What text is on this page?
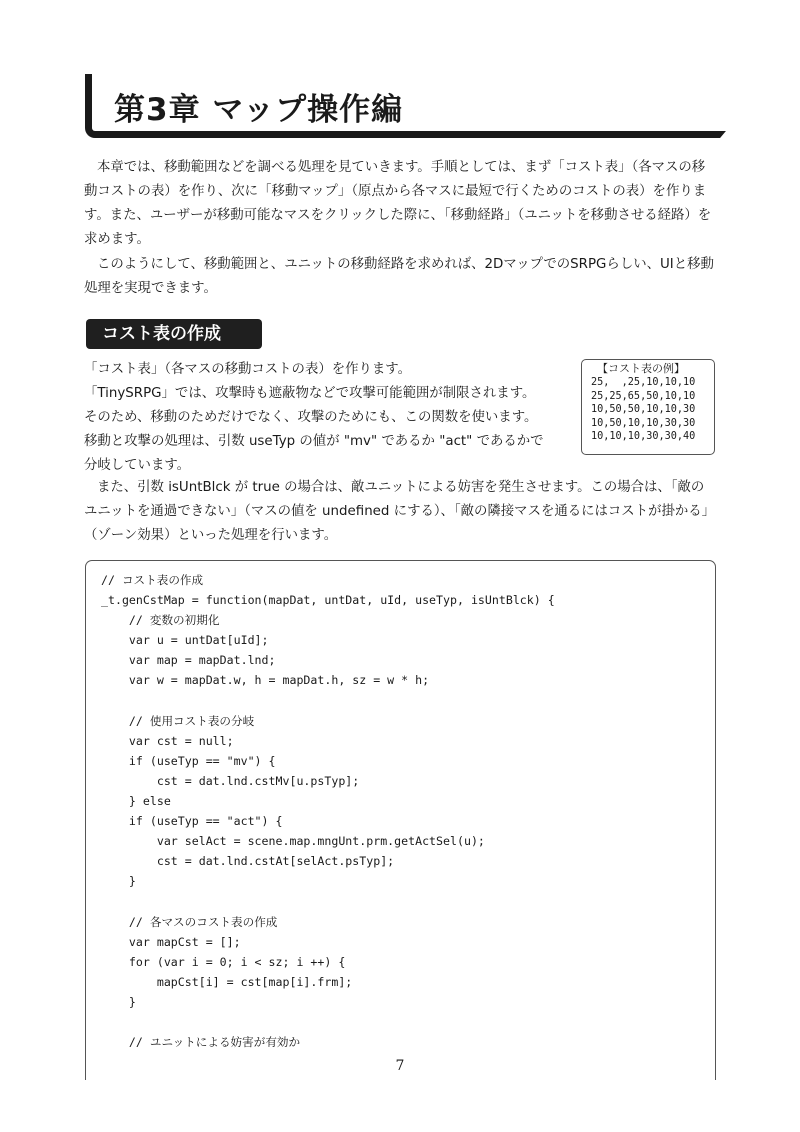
第3章 マップ操作編

本章では、移動範囲などを調べる処理を見ていきます。手順としては、まず「コスト表」（各マスの移動コストの表）を作り、次に「移動マップ」（原点から各マスに最短で行くためのコストの表）を作ります。また、ユーザーが移動可能なマスをクリックした際に、「移動経路」（ユニットを移動させる経路）を求めます。

このようにして、移動範囲と、ユニットの移動経路を求めれば、2DマップでのSRPGらしい、UIと移動処理を実現できます。

コスト表の作成
「コスト表」（各マスの移動コストの表）を作ります。
「TinySRPG」では、攻撃時も遮蔽物などで攻撃可能範囲が制限されます。
そのため、移動のためだけでなく、攻撃のためにも、この関数を使います。
移動と攻撃の処理は、引数 useTyp の値が "mv" であるか "act" であるかで
分岐しています。
【コスト表の例】
25,  ,25,10,10,10
25,25,65,50,10,10
10,50,50,10,10,30
10,50,10,10,30,30
10,10,10,30,30,40

また、引数 isUntBlck が true の場合は、敵ユニットによる妨害を発生させます。この場合は、「敵のユニットを通過できない」（マスの値を undefined にする）、「敵の隣接マスを通るにはコストが掛かる」（ゾーン効果）といった処理を行います。

// コスト表の作成
_t.genCstMap = function(mapDat, untDat, uId, useTyp, isUntBlck) {
// 変数の初期化
var u = untDat[uId];
var map = mapDat.lnd;
var w = mapDat.w, h = mapDat.h, sz = w * h;
// 使用コスト表の分岐
var cst = null;
if (useTyp == "mv") {
cst = dat.lnd.cstMv[u.psTyp];
} else
if (useTyp == "act") {
var selAct = scene.map.mngUnt.prm.getActSel(u);
cst = dat.lnd.cstAt[selAct.psTyp];
}
// 各マスのコスト表の作成
var mapCst = [];
for (var i = 0; i < sz; i ++) {
mapCst[i] = cst[map[i].frm];
}
// ユニットによる妨害が有効か
7
